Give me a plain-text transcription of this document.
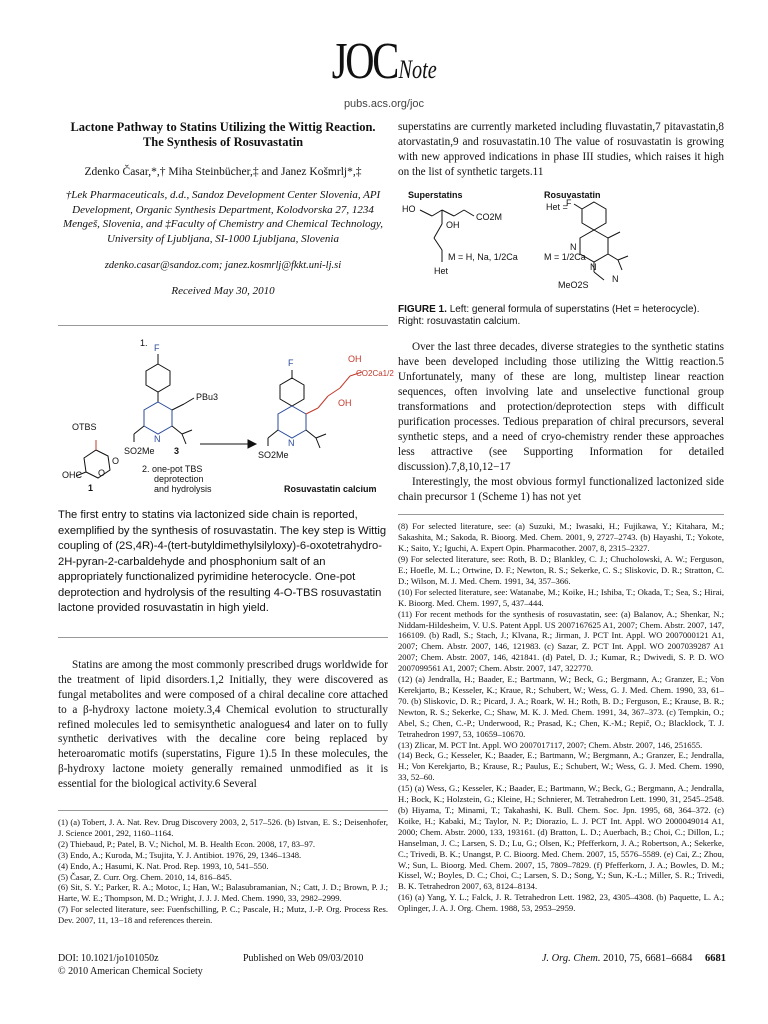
JOCNote
pubs.acs.org/joc
Lactone Pathway to Statins Utilizing the Wittig Reaction. The Synthesis of Rosuvastatin
Zdenko Časar,*,† Miha Steinbücher,‡ and Janez Košmrlj*,‡
†Lek Pharmaceuticals, d.d., Sandoz Development Center Slovenia, API Development, Organic Synthesis Department, Kolodvorska 27, 1234 Mengeš, Slovenia, and ‡Faculty of Chemistry and Chemical Technology, University of Ljubljana, SI-1000 Ljubljana, Slovenia
zdenko.casar@sandoz.com; janez.kosmrlj@fkkt.uni-lj.si
Received May 30, 2010
1. F
PBu3
N
SO2Me 3
OTBS
OHC O
O
1
2. one-pot TBS
deprotection
and hydrolysis
F	OH
OH
CO2Ca1/2
N
SO2Me
Rosuvastatin calcium
The first entry to statins via lactonized side chain is reported, exemplified by the synthesis of rosuvastatin. The key step is Wittig coupling of (2S,4R)-4-(tert-butyldimethylsilyloxy)-6-oxotetrahydro-2H-pyran-2-carbaldehyde and phosphonium salt of an appropriately functionalized pyrimidine heterocycle. One-pot deprotection and hydrolysis of the resulting 4-O-TBS rosuvastatin lactone provided rosuvastatin in high yield.
Statins are among the most commonly prescribed drugs worldwide for the treatment of lipid disorders.1,2 Initially, they were discovered as fungal metabolites and were composed of a chiral decaline core attached to a β-hydroxy lactone moiety.3,4 Chemical evolution to structurally refined molecules led to semisynthetic analogues4 and later on to fully synthetic derivatives with the decaline core being replaced by heteroaromatic motifs (superstatins, Figure 1).5 In these molecules, the β-hydroxy lactone moiety generally remained unmodified as it is essential for the biological activity.6 Several
(1) (a) Tobert, J. A. Nat. Rev. Drug Discovery 2003, 2, 517–526. (b) Istvan, E. S.; Deisenhofer, J. Science 2001, 292, 1160–1164.
(2) Thiebaud, P.; Patel, B. V.; Nichol, M. B. Health Econ. 2008, 17, 83–97.
(3) Endo, A.; Kuroda, M.; Tsujita, Y. J. Antibiot. 1976, 29, 1346–1348.
(4) Endo, A.; Hasumi, K. Nat. Prod. Rep. 1993, 10, 541–550.
(5) Časar, Z. Curr. Org. Chem. 2010, 14, 816–845.
(6) Sit, S. Y.; Parker, R. A.; Motoc, I.; Han, W.; Balasubramanian, N.; Catt, J. D.; Brown, P. J.; Harte, W. E.; Thompson, M. D.; Wright, J. J. J. Med. Chem. 1990, 33, 2982–2999.
(7) For selected literature, see: Fuenfschilling, P. C.; Pascale, H.; Mutz, J.-P. Org. Process Res. Dev. 2007, 11, 13−18 and references therein.
superstatins are currently marketed including fluvastatin,7 pitavastatin,8 atorvastatin,9 and rosuvastatin.10 The value of rosuvastatin is growing with new approved indications in phase III studies, which raises it high on the list of synthetic targets.11
Superstatins	Rosuvastatin
HO
CO2M
OH
M = H, Na, 1/2Ca
Het
Het =
F
N
N
N
MeO2S
M = 1/2Ca
FIGURE 1. Left: general formula of superstatins (Het = heterocycle). Right: rosuvastatin calcium.
Over the last three decades, diverse strategies to the synthetic statins have been developed including those utilizing the Wittig reaction.5 Unfortunately, many of these are long, multistep linear reaction sequences, often involving late and unselective functional group transformations and protection/deprotection steps with difficult purification processes. Tedious preparation of chiral precursors, several synthetic steps, and a need of cryo-chemistry render these approaches less attractive (see Supporting Information for detailed discussion).7,8,10,12−17
Interestingly, the most obvious formyl functionalized lactonized side chain precursor 1 (Scheme 1) has not yet
(8) For selected literature, see: (a) Suzuki, M.; Iwasaki, H.; Fujikawa, Y.; Kitahara, M.; Sakashita, M.; Sakoda, R. Bioorg. Med. Chem. 2001, 9, 2727–2743. (b) Hayashi, T.; Yokote, K.; Saito, Y.; Iguchi, A. Expert Opin. Pharmacother. 2007, 8, 2315–2327.
(9) For selected literature, see: Roth, B. D.; Blankley, C. J.; Chucholowski, A. W.; Ferguson, E.; Hoefle, M. L.; Ortwine, D. F.; Newton, R. S.; Sekerke, C. S.; Sliskovic, D. R.; Stratton, C. D.; Wilson, M. J. Med. Chem. 1991, 34, 357–366.
(10) For selected literature, see: Watanabe, M.; Koike, H.; Ishiba, T.; Okada, T.; Sea, S.; Hirai, K. Bioorg. Med. Chem. 1997, 5, 437–444.
(11) For recent methods for the synthesis of rosuvastatin, see: (a) Balanov, A.; Shenkar, N.; Niddam-Hildesheim, V. U.S. Patent Appl. US 2007167625 A1, 2007; Chem. Abstr. 2007, 147, 166109. (b) Radl, S.; Stach, J.; Klvana, R.; Jirman, J. PCT Int. Appl. WO 2007000121 A1, 2007; Chem. Abstr. 2007, 146, 121983. (c) Sazar, Z. PCT Int. Appl. WO 2007039287 A1 2007; Chem. Abstr. 2007, 146, 421841. (d) Patel, D. J.; Kumar, R.; Dwivedi, S. P. D. WO 2007099561 A1, 2007; Chem. Abstr. 2007, 147, 322770.
(12) (a) Jendralla, H.; Baader, E.; Bartmann, W.; Beck, G.; Bergmann, A.; Granzer, E.; Von Kerekjarto, B.; Kesseler, K.; Kraue, R.; Schubert, W.; Wess, G. J. Med. Chem. 1990, 33, 61–70. (b) Sliskovic, D. R.; Picard, J. A.; Roark, W. H.; Roth, B. D.; Ferguson, E.; Krause, B. R.; Newton, R. S.; Sekerke, C.; Shaw, M. K. J. Med. Chem. 1991, 34, 367–373. (c) Tempkin, O.; Abel, S.; Chen, C.-P.; Underwood, R.; Prasad, K.; Chen, K.-M.; Repič, O.; Blacklock, T. J. Tetrahedron 1997, 53, 10659–10670.
(13) Zlicar, M. PCT Int. Appl. WO 2007017117, 2007; Chem. Abstr. 2007, 146, 251655.
(14) Beck, G.; Kesseler, K.; Baader, E.; Bartmann, W.; Bergmann, A.; Granzer, E.; Jendralla, H.; Von Kerekjarto, B.; Krause, R.; Paulus, E.; Schubert, W.; Wess, G. J. Med. Chem. 1990, 33, 52–60.
(15) (a) Wess, G.; Kesseler, K.; Baader, E.; Bartmann, W.; Beck, G.; Bergmann, A.; Jendralla, H.; Bock, K.; Holzstein, G.; Kleine, H.; Schnierer, M. Tetrahedron Lett. 1990, 31, 2545–2548. (b) Hiyama, T.; Minami, T.; Takahashi, K. Bull. Chem. Soc. Jpn. 1995, 68, 364–372. (c) Koike, H.; Kabaki, M.; Taylor, N. P.; Diorazio, L. J. PCT Int. Appl. WO 2000049014 A1, 2000; Chem. Abstr. 2000, 133, 193161. (d) Bratton, L. D.; Auerbach, B.; Choi, C.; Dillon, L.; Hanselman, J. C.; Larsen, S. D.; Lu, G.; Olsen, K.; Pfefferkorn, J. A.; Robertson, A.; Sekerke, C.; Trivedi, B. K.; Unangst, P. C. Bioorg. Med. Chem. 2007, 15, 5576–5589. (e) Cai, Z.; Zhou, W.; Sun, L. Bioorg. Med. Chem. 2007, 15, 7809–7829. (f) Pfefferkorn, J. A.; Bowles, D. M.; Kissel, W.; Boyles, D. C.; Choi, C.; Larsen, S. D.; Song, Y.; Sun, K.-L.; Miller, S. R.; Trivedi, B. K. Tetrahedron 2007, 63, 8124–8134.
(16) (a) Yang, Y. L.; Falck, J. R. Tetrahedron Lett. 1982, 23, 4305–4308. (b) Paquette, L. A.; Oplinger, J. A. J. Org. Chem. 1988, 53, 2953–2959.
DOI: 10.1021/jo101050z
© 2010 American Chemical Society
Published on Web 09/03/2010	J. Org. Chem. 2010, 75, 6681–6684 6681
